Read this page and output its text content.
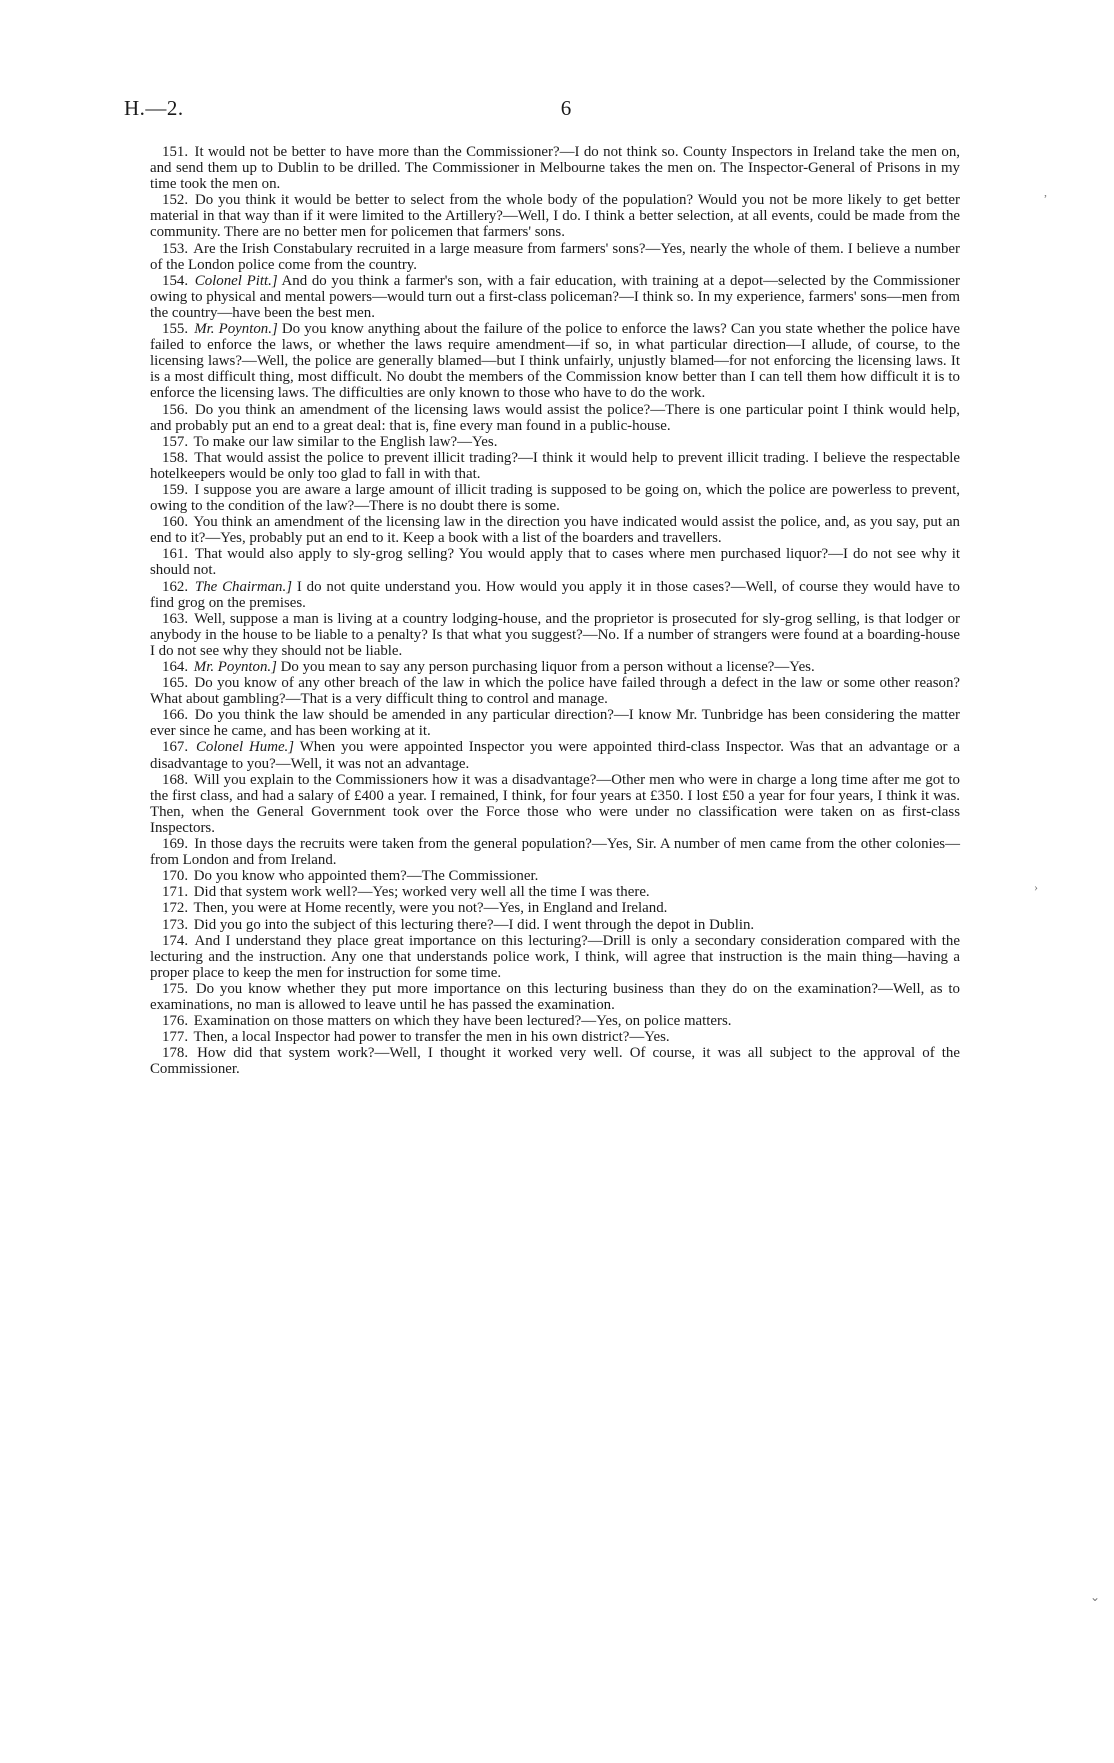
H.—2.	6

151. It would not be better to have more than the Commissioner?—I do not think so. County Inspectors in Ireland take the men on, and send them up to Dublin to be drilled. The Commissioner in Melbourne takes the men on. The Inspector-General of Prisons in my time took the men on.

152. Do you think it would be better to select from the whole body of the population? Would you not be more likely to get better material in that way than if it were limited to the Artillery?—Well, I do. I think a better selection, at all events, could be made from the community. There are no better men for policemen that farmers' sons.

153. Are the Irish Constabulary recruited in a large measure from farmers' sons?—Yes, nearly the whole of them. I believe a number of the London police come from the country.

154. Colonel Pitt.] And do you think a farmer's son, with a fair education, with training at a depot—selected by the Commissioner owing to physical and mental powers—would turn out a first-class policeman?—I think so. In my experience, farmers' sons—men from the country—have been the best men.

155. Mr. Poynton.] Do you know anything about the failure of the police to enforce the laws? Can you state whether the police have failed to enforce the laws, or whether the laws require amendment—if so, in what particular direction—I allude, of course, to the licensing laws?—Well, the police are generally blamed—but I think unfairly, unjustly blamed—for not enforcing the licensing laws. It is a most difficult thing, most difficult. No doubt the members of the Commission know better than I can tell them how difficult it is to enforce the licensing laws. The difficulties are only known to those who have to do the work.

156. Do you think an amendment of the licensing laws would assist the police?—There is one particular point I think would help, and probably put an end to a great deal: that is, fine every man found in a public-house.

157. To make our law similar to the English law?—Yes.

158. That would assist the police to prevent illicit trading?—I think it would help to prevent illicit trading. I believe the respectable hotelkeepers would be only too glad to fall in with that.

159. I suppose you are aware a large amount of illicit trading is supposed to be going on, which the police are powerless to prevent, owing to the condition of the law?—There is no doubt there is some.

160. You think an amendment of the licensing law in the direction you have indicated would assist the police, and, as you say, put an end to it?—Yes, probably put an end to it. Keep a book with a list of the boarders and travellers.

161. That would also apply to sly-grog selling? You would apply that to cases where men purchased liquor?—I do not see why it should not.

162. The Chairman.] I do not quite understand you. How would you apply it in those cases?—Well, of course they would have to find grog on the premises.

163. Well, suppose a man is living at a country lodging-house, and the proprietor is prosecuted for sly-grog selling, is that lodger or anybody in the house to be liable to a penalty? Is that what you suggest?—No. If a number of strangers were found at a boarding-house I do not see why they should not be liable.

164. Mr. Poynton.] Do you mean to say any person purchasing liquor from a person without a license?—Yes.

165. Do you know of any other breach of the law in which the police have failed through a defect in the law or some other reason? What about gambling?—That is a very difficult thing to control and manage.

166. Do you think the law should be amended in any particular direction?—I know Mr. Tunbridge has been considering the matter ever since he came, and has been working at it.

167. Colonel Hume.] When you were appointed Inspector you were appointed third-class Inspector. Was that an advantage or a disadvantage to you?—Well, it was not an advantage.

168. Will you explain to the Commissioners how it was a disadvantage?—Other men who were in charge a long time after me got to the first class, and had a salary of £400 a year. I remained, I think, for four years at £350. I lost £50 a year for four years, I think it was. Then, when the General Government took over the Force those who were under no classification were taken on as first-class Inspectors.

169. In those days the recruits were taken from the general population?—Yes, Sir. A number of men came from the other colonies—from London and from Ireland.

170. Do you know who appointed them?—The Commissioner.

171. Did that system work well?—Yes; worked very well all the time I was there.

172. Then, you were at Home recently, were you not?—Yes, in England and Ireland.

173. Did you go into the subject of this lecturing there?—I did. I went through the depot in Dublin.

174. And I understand they place great importance on this lecturing?—Drill is only a secondary consideration compared with the lecturing and the instruction. Any one that understands police work, I think, will agree that instruction is the main thing—having a proper place to keep the men for instruction for some time.

175. Do you know whether they put more importance on this lecturing business than they do on the examination?—Well, as to examinations, no man is allowed to leave until he has passed the examination.

176. Examination on those matters on which they have been lectured?—Yes, on police matters.

177. Then, a local Inspector had power to transfer the men in his own district?—Yes.

178. How did that system work?—Well, I thought it worked very well. Of course, it was all subject to the approval of the Commissioner.

,
›
⌄
